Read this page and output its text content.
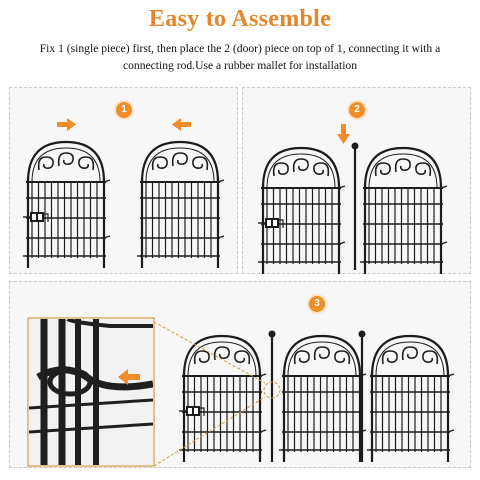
Easy to Assemble
Fix 1 (single piece) first, then place the 2 (door) piece on top of 1, connecting it with a connecting rod.Use a rubber mallet for installation
1	2
3
